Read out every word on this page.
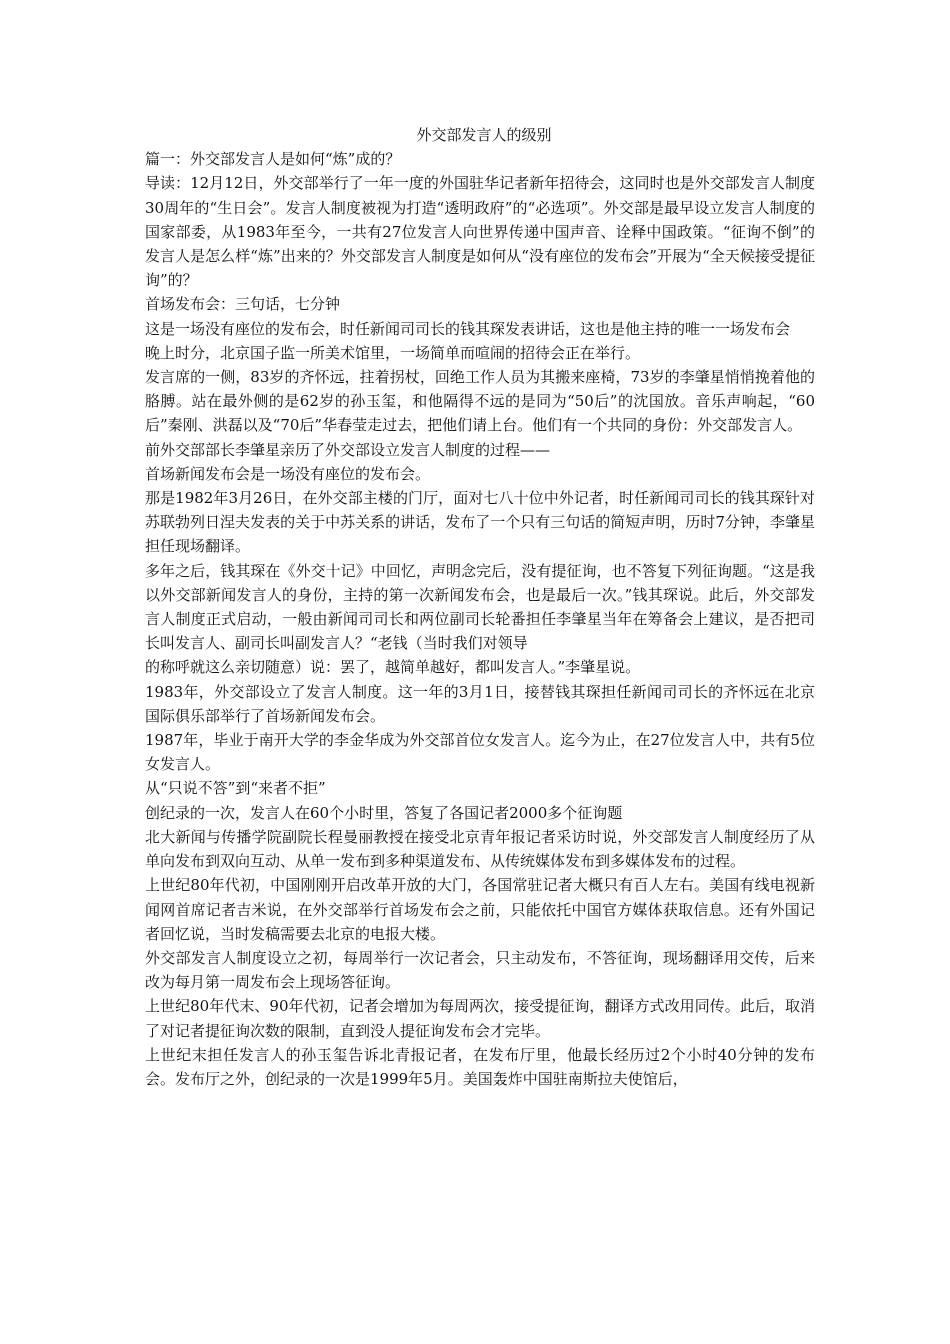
外交部发言人的级别

篇一：外交部发言人是如何“炼”成的？

导读：12月12日，外交部举行了一年一度的外国驻华记者新年招待会，这同时也是外交部发言人制度30周年的“生日会”。发言人制度被视为打造“透明政府”的“必选项”。外交部是最早设立发言人制度的国家部委，从1983年至今，一共有27位发言人向世界传递中国声音、诠释中国政策。“征询不倒”的发言人是怎么样“炼”出来的？外交部发言人制度是如何从“没有座位的发布会”开展为“全天候接受提征询”的？

首场发布会：三句话，七分钟

这是一场没有座位的发布会，时任新闻司司长的钱其琛发表讲话，这也是他主持的唯一一场发布会

晚上时分，北京国子监一所美术馆里，一场简单而喧闹的招待会正在举行。

发言席的一侧，83岁的齐怀远，拄着拐杖，回绝工作人员为其搬来座椅，73岁的李肇星悄悄挽着他的胳膊。站在最外侧的是62岁的孙玉玺，和他隔得不远的是同为“50后”的沈国放。音乐声响起，“60后”秦刚、洪磊以及“70后”华春莹走过去，把他们请上台。他们有一个共同的身份：外交部发言人。

前外交部部长李肇星亲历了外交部设立发言人制度的过程——

首场新闻发布会是一场没有座位的发布会。

那是1982年3月26日，在外交部主楼的门厅，面对七八十位中外记者，时任新闻司司长的钱其琛针对苏联勃列日涅夫发表的关于中苏关系的讲话，发布了一个只有三句话的简短声明，历时7分钟，李肇星担任现场翻译。

多年之后，钱其琛在《外交十记》中回忆，声明念完后，没有提征询，也不答复下列征询题。“这是我以外交部新闻发言人的身份，主持的第一次新闻发布会，也是最后一次。”钱其琛说。此后，外交部发言人制度正式启动，一般由新闻司司长和两位副司长轮番担任李肇星当年在筹备会上建议，是否把司长叫发言人、副司长叫副发言人？“老钱（当时我们对领导

的称呼就这么亲切随意）说：罢了，越简单越好，都叫发言人。”李肇星说。

1983年，外交部设立了发言人制度。这一年的3月1日，接替钱其琛担任新闻司司长的齐怀远在北京国际俱乐部举行了首场新闻发布会。

1987年，毕业于南开大学的李金华成为外交部首位女发言人。迄今为止，在27位发言人中，共有5位女发言人。

从“只说不答”到“来者不拒”

创纪录的一次，发言人在60个小时里，答复了各国记者2000多个征询题

北大新闻与传播学院副院长程曼丽教授在接受北京青年报记者采访时说，外交部发言人制度经历了从单向发布到双向互动、从单一发布到多种渠道发布、从传统媒体发布到多媒体发布的过程。

上世纪80年代初，中国刚刚开启改革开放的大门，各国常驻记者大概只有百人左右。美国有线电视新闻网首席记者吉米说，在外交部举行首场发布会之前，只能依托中国官方媒体获取信息。还有外国记者回忆说，当时发稿需要去北京的电报大楼。

外交部发言人制度设立之初，每周举行一次记者会，只主动发布，不答征询，现场翻译用交传，后来改为每月第一周发布会上现场答征询。

上世纪80年代末、90年代初，记者会增加为每周两次，接受提征询，翻译方式改用同传。此后，取消了对记者提征询次数的限制，直到没人提征询发布会才完毕。

上世纪末担任发言人的孙玉玺告诉北青报记者，在发布厅里，他最长经历过2个小时40分钟的发布会。发布厅之外，创纪录的一次是1999年5月。美国轰炸中国驻南斯拉夫使馆后，
